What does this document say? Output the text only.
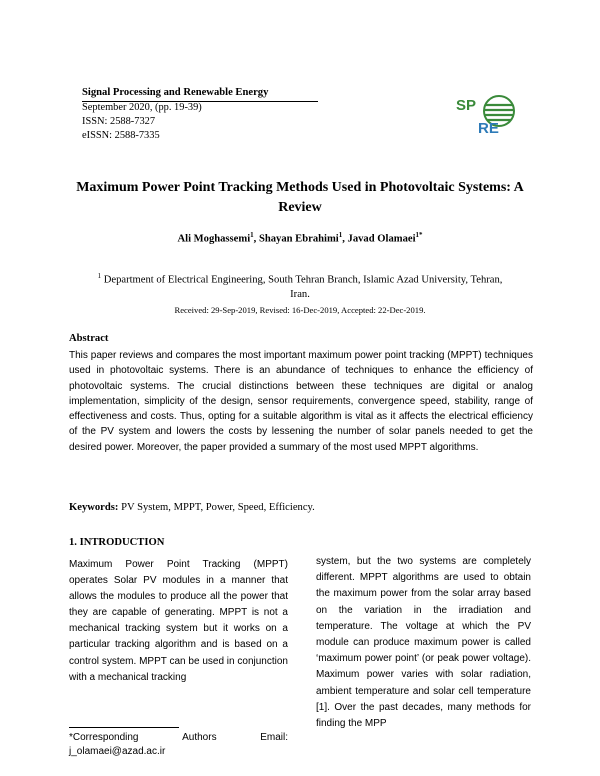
Signal Processing and Renewable Energy
September 2020, (pp. 19-39)
ISSN: 2588-7327
eISSN: 2588-7335
SP
RE
Maximum Power Point Tracking Methods Used in Photovoltaic Systems: A Review
Ali Moghassemi$^1$, Shayan Ebrahimi$^1$, Javad Olamaei$^{1*}$
$^1$ Department of Electrical Engineering, South Tehran Branch, Islamic Azad University, Tehran, Iran.
Received: 29-Sep-2019, Revised: 16-Dec-2019, Accepted: 22-Dec-2019.
Abstract
This paper reviews and compares the most important maximum power point tracking (MPPT) techniques used in photovoltaic systems. There is an abundance of techniques to enhance the efficiency of photovoltaic systems. The crucial distinctions between these techniques are digital or analog implementation, simplicity of the design, sensor requirements, convergence speed, stability, range of effectiveness and costs. Thus, opting for a suitable algorithm is vital as it affects the electrical efficiency of the PV system and lowers the costs by lessening the number of solar panels needed to get the desired power. Moreover, the paper provided a summary of the most used MPPT algorithms.
Keywords: PV System, MPPT, Power, Speed, Efficiency.
1. INTRODUCTION
Maximum Power Point Tracking (MPPT) operates Solar PV modules in a manner that allows the modules to produce all the power that they are capable of generating. MPPT is not a mechanical tracking system but it works on a particular tracking algorithm and is based on a control system. MPPT can be used in conjunction with a mechanical tracking
system, but the two systems are completely different. MPPT algorithms are used to obtain the maximum power from the solar array based on the variation in the irradiation and temperature. The voltage at which the PV module can produce maximum power is called ‘maximum power point’ (or peak power voltage). Maximum power varies with solar radiation, ambient temperature and solar cell temperature [1]. Over the past decades, many methods for finding the MPP
*Corresponding	Authors	Email:
j_olamaei@azad.ac.ir
